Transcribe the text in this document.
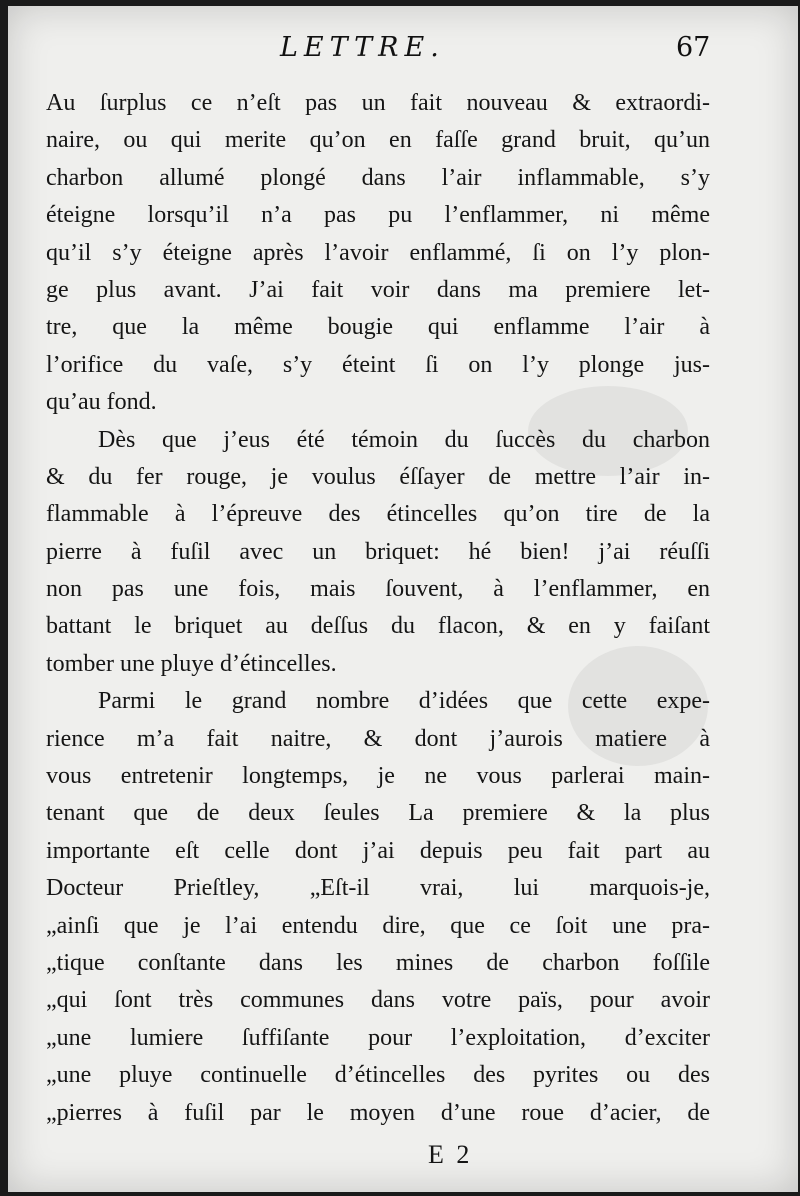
LETTRE.	67
Au ſurplus ce n’eſt pas un fait nouveau & extraordi-
naire, ou qui merite qu’on en faſſe grand bruit, qu’un
charbon allumé plongé dans l’air inflammable, s’y
éteigne lorsqu’il n’a pas pu l’enflammer, ni même
qu’il s’y éteigne après l’avoir enflammé, ſi on l’y plon-
ge plus avant. J’ai fait voir dans ma premiere let-
tre, que la même bougie qui enflamme l’air à
l’orifice du vaſe, s’y éteint ſi on l’y plonge jus-
qu’au fond.
Dès que j’eus été témoin du ſuccès du charbon
& du fer rouge, je voulus éſſayer de mettre l’air in-
flammable à l’épreuve des étincelles qu’on tire de la
pierre à fuſil avec un briquet: hé bien! j’ai réuſſi
non pas une fois, mais ſouvent, à l’enflammer, en
battant le briquet au deſſus du flacon, & en y faiſant
tomber une pluye d’étincelles.
Parmi le grand nombre d’idées que cette expe-
rience m’a fait naitre, & dont j’aurois matiere à
vous entretenir longtemps, je ne vous parlerai main-
tenant que de deux ſeules La premiere & la plus
importante eſt celle dont j’ai depuis peu fait part au
Docteur Prieſtley, „Eſt-il vrai, lui marquois-je,
„ainſi que je l’ai entendu dire, que ce ſoit une pra-
„tique conſtante dans les mines de charbon foſſile
„qui ſont très communes dans votre païs, pour avoir
„une lumiere ſuffiſante pour l’exploitation, d’exciter
„une pluye continuelle d’étincelles des pyrites ou des
„pierres à fuſil par le moyen d’une roue d’acier, de
E 2
